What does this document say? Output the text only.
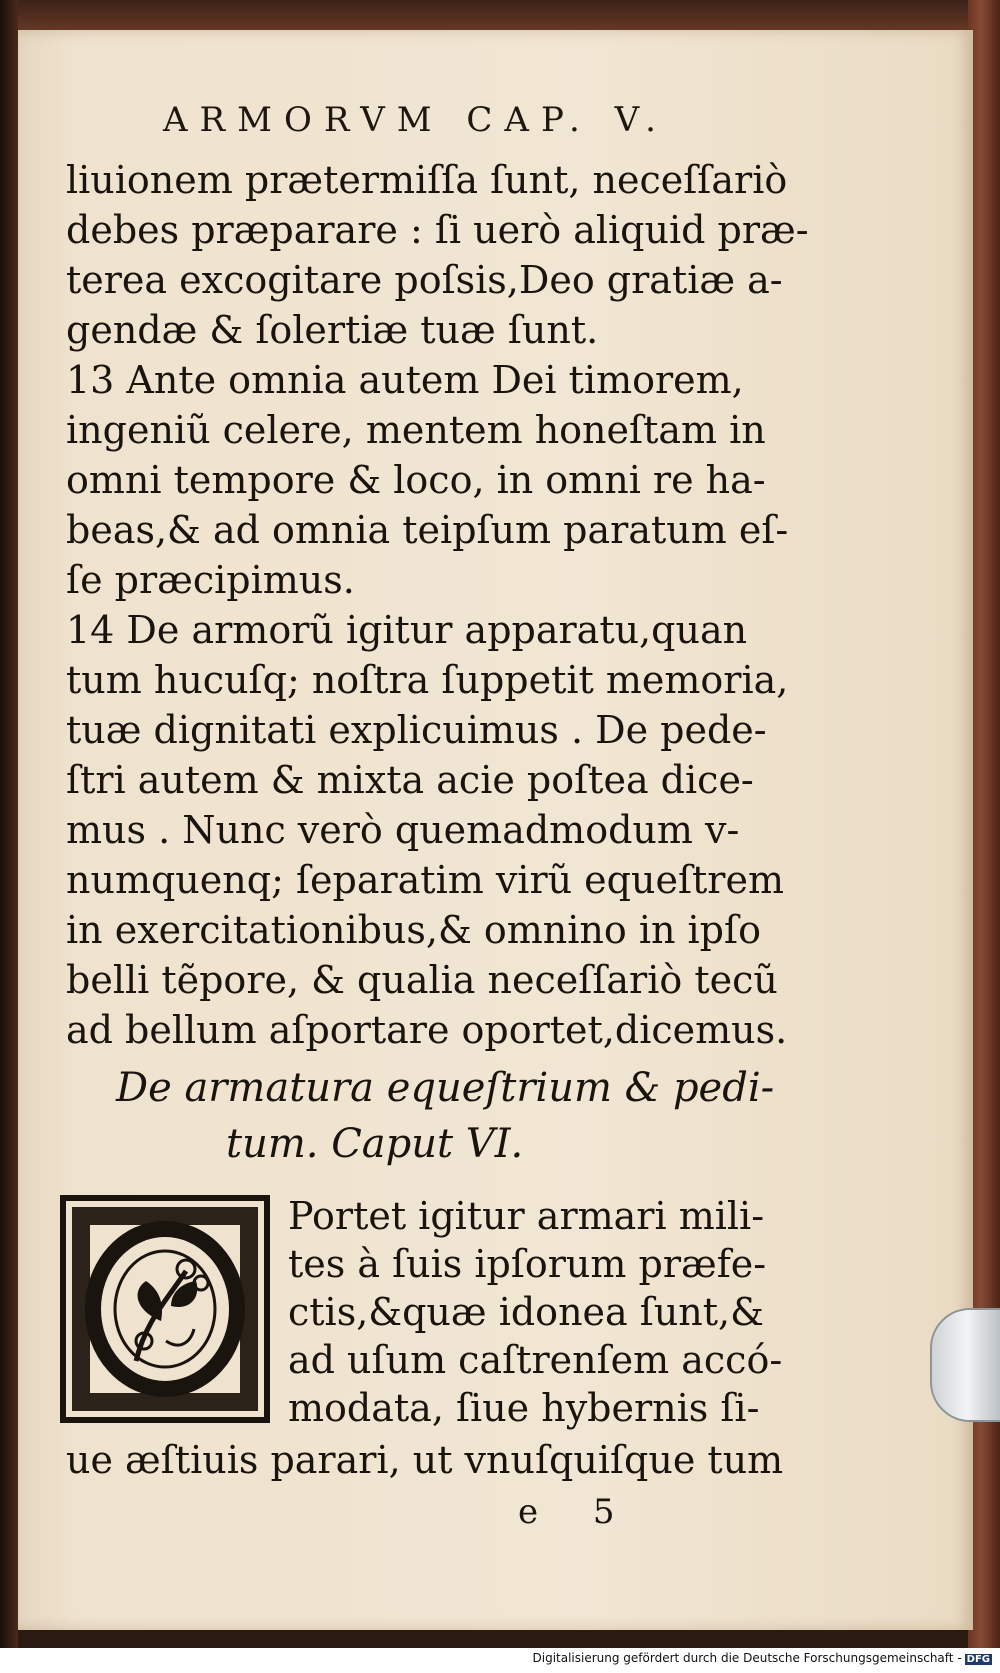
ARMORVM CAP. V.
liuionem prætermiſſa ſunt, neceſſariò
debes præparare : ſi uerò aliquid præ-
terea excogitare poſsis,Deo gratiæ a-
gendæ & ſolertiæ tuæ ſunt.
13 Ante omnia autem Dei timorem,
ingeniũ celere, mentem honeſtam in
omni tempore & loco, in omni re ha-
beas,& ad omnia teipſum paratum eſ-
ſe præcipimus.
14 De armorũ igitur apparatu,quan
tum hucuſq; noſtra ſuppetit memoria,
tuæ dignitati explicuimus . De pede-
ſtri autem & mixta acie poſtea dice-
mus . Nunc verò quemadmodum v-
numquenq; ſeparatim virũ equeſtrem
in exercitationibus,& omnino in ipſo
belli tẽpore, & qualia neceſſariò tecũ
ad bellum aſportare oportet,dicemus.
De armatura equeſtrium & pedi-
tum. Caput VI.
Portet igitur armari mili-
tes à ſuis ipſorum præfe-
ctis,&quæ idonea ſunt,&
ad uſum caſtrenſem accó-
modata, ſiue hybernis ſi-
ue æſtiuis parari, ut vnuſquiſque tum
e 5
Digitalisierung gefördert durch die Deutsche Forschungsgemeinschaft - DFG
